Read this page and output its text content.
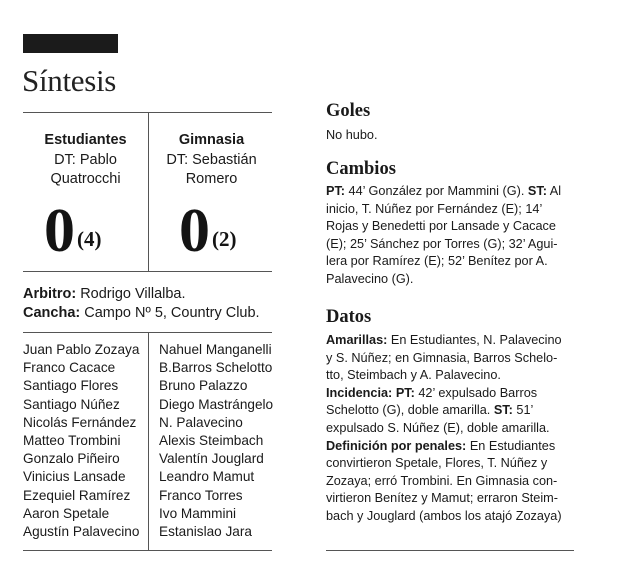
Síntesis
Estudiantes
DT: Pablo
Quatrocchi
Gimnasia
DT: Sebastián
Romero
0$^{(4)}$ 0$^{(2)}$
Arbitro: Rodrigo Villalba.
Cancha: Campo Nº 5, Country Club.
Juan Pablo Zozaya
Franco Cacace
Santiago Flores
Santiago Núñez
Nicolás Fernández
Matteo Trombini
Gonzalo Piñeiro
Vinicius Lansade
Ezequiel Ramírez
Aaron Spetale
Agustín Palavecino
Nahuel Manganelli
B.Barros Schelotto
Bruno Palazzo
Diego Mastrángelo
N. Palavecino
Alexis Steimbach
Valentín Jouglard
Leandro Mamut
Franco Torres
Ivo Mammini
Estanislao Jara
Goles
No hubo.
Cambios
PT: 44’ González por Mammini (G). ST: Al
inicio, T. Núñez por Fernández (E); 14’
Rojas y Benedetti por Lansade y Cacace
(E); 25’ Sánchez por Torres (G); 32’ Agui-
lera por Ramírez (E); 52’ Benítez por A.
Palavecino (G).
Datos
Amarillas: En Estudiantes, N. Palavecino
y S. Núñez; en Gimnasia, Barros Schelo-
tto, Steimbach y A. Palavecino.
Incidencia: PT: 42’ expulsado Barros
Schelotto (G), doble amarilla. ST: 51’
expulsado S. Núñez (E), doble amarilla.
Definición por penales: En Estudiantes
convirtieron Spetale, Flores, T. Núñez y
Zozaya; erró Trombini. En Gimnasia con-
virtieron Benítez y Mamut; erraron Steim-
bach y Jouglard (ambos los atajó Zozaya)
